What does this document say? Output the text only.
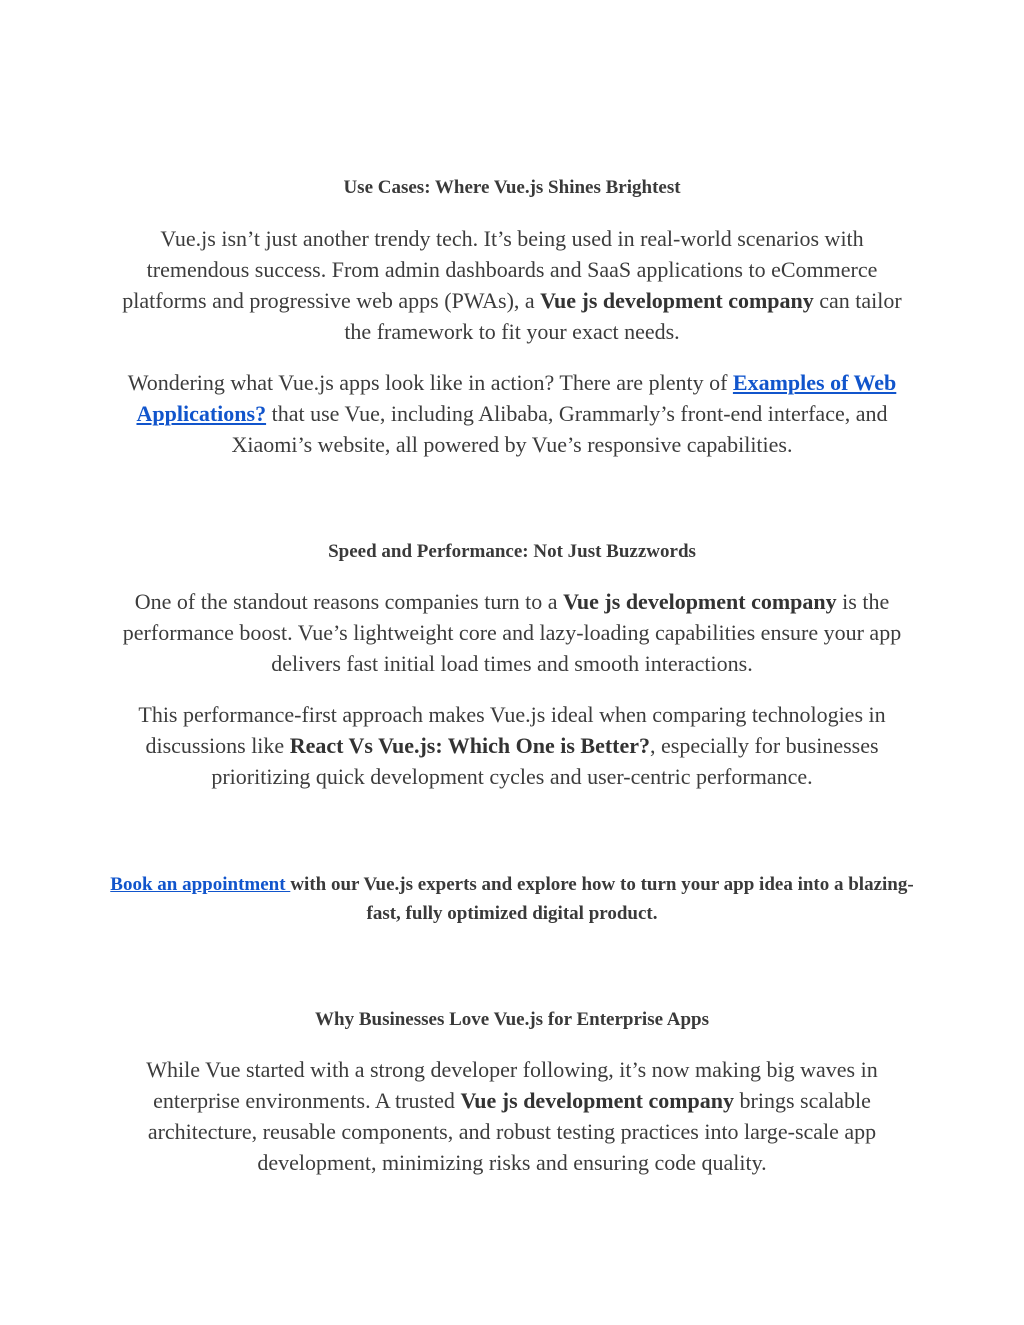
Use Cases: Where Vue.js Shines Brightest

Vue.js isn’t just another trendy tech. It’s being used in real-world scenarios with tremendous success. From admin dashboards and SaaS applications to eCommerce platforms and progressive web apps (PWAs), a Vue js development company can tailor the framework to fit your exact needs.

Wondering what Vue.js apps look like in action? There are plenty of Examples of Web Applications? that use Vue, including Alibaba, Grammarly’s front-end interface, and Xiaomi’s website, all powered by Vue’s responsive capabilities.

Speed and Performance: Not Just Buzzwords

One of the standout reasons companies turn to a Vue js development company is the performance boost. Vue’s lightweight core and lazy-loading capabilities ensure your app delivers fast initial load times and smooth interactions.

This performance-first approach makes Vue.js ideal when comparing technologies in discussions like React Vs Vue.js: Which One is Better?, especially for businesses prioritizing quick development cycles and user-centric performance.

Book an appointment with our Vue.js experts and explore how to turn your app idea into a blazing-fast, fully optimized digital product.

Why Businesses Love Vue.js for Enterprise Apps

While Vue started with a strong developer following, it’s now making big waves in enterprise environments. A trusted Vue js development company brings scalable architecture, reusable components, and robust testing practices into large-scale app development, minimizing risks and ensuring code quality.
